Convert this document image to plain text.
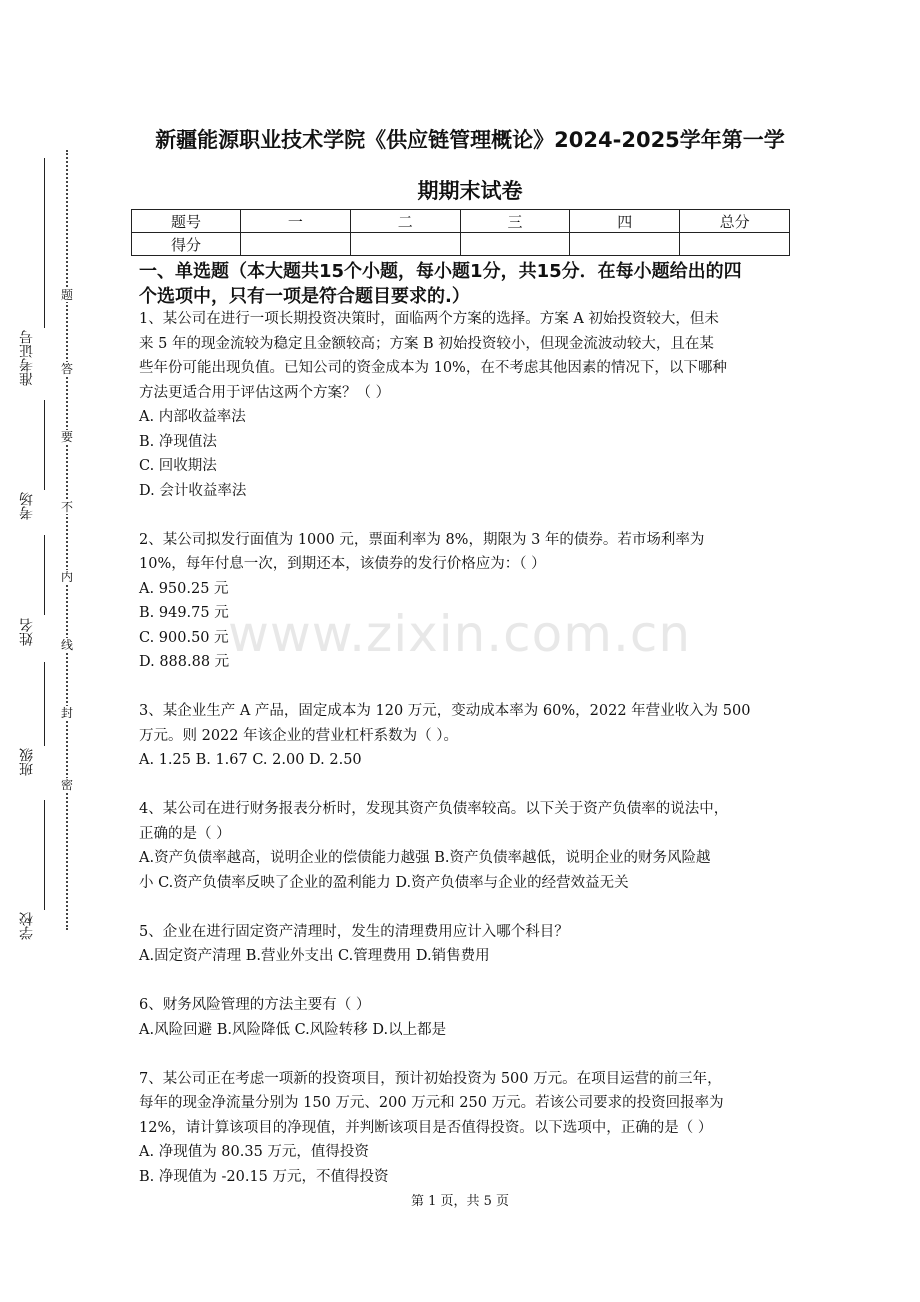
准考证号
考场
姓名
班级
学校
题
答
要
不
内
线
封
密
新疆能源职业技术学院《供应链管理概论》2024-2025学年第一学
期期末试卷
题号	一	二	三	四	总分
得分					
一、单选题（本大题共15个小题，每小题1分，共15分．在每小题给出的四
个选项中，只有一项是符合题目要求的.）

1、某公司在进行一项长期投资决策时，面临两个方案的选择。方案 A 初始投资较大，但未

来 5 年的现金流较为稳定且金额较高；方案 B 初始投资较小，但现金流波动较大，且在某

些年份可能出现负值。已知公司的资金成本为 10%，在不考虑其他因素的情况下，以下哪种

方法更适合用于评估这两个方案？（ ）

A. 内部收益率法

B. 净现值法

C. 回收期法

D. 会计收益率法

2、某公司拟发行面值为 1000 元，票面利率为 8%，期限为 3 年的债券。若市场利率为

10%，每年付息一次，到期还本，该债券的发行价格应为：（ ）

A. 950.25 元

B. 949.75 元

C. 900.50 元

D. 888.88 元

3、某企业生产 A 产品，固定成本为 120 万元，变动成本率为 60%，2022 年营业收入为 500

万元。则 2022 年该企业的营业杠杆系数为（ ）。

A. 1.25 B. 1.67 C. 2.00 D. 2.50

4、某公司在进行财务报表分析时，发现其资产负债率较高。以下关于资产负债率的说法中，

正确的是（ ）

A.资产负债率越高，说明企业的偿债能力越强 B.资产负债率越低，说明企业的财务风险越

小 C.资产负债率反映了企业的盈利能力 D.资产负债率与企业的经营效益无关

5、企业在进行固定资产清理时，发生的清理费用应计入哪个科目？

A.固定资产清理 B.营业外支出 C.管理费用 D.销售费用

6、财务风险管理的方法主要有（ ）

A.风险回避 B.风险降低 C.风险转移 D.以上都是

7、某公司正在考虑一项新的投资项目，预计初始投资为 500 万元。在项目运营的前三年，

每年的现金净流量分别为 150 万元、200 万元和 250 万元。若该公司要求的投资回报率为

12%，请计算该项目的净现值，并判断该项目是否值得投资。以下选项中，正确的是（ ）

A. 净现值为 80.35 万元，值得投资

B. 净现值为 -20.15 万元，不值得投资

www.zixin.com.cn
第 1 页，共 5 页
